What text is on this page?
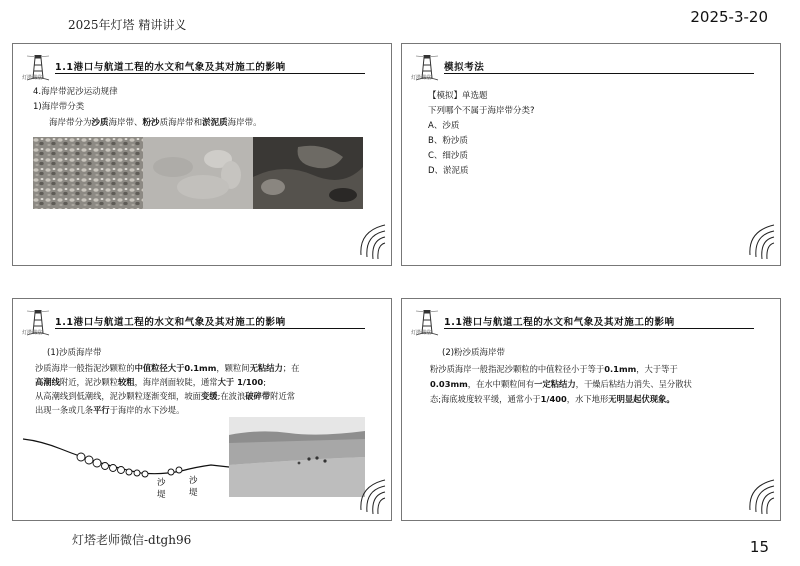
2025年灯塔 精讲讲义	2025-3-20
灯塔老师微信-dtgh96	15
灯塔课堂
1.1港口与航道工程的水文和气象及其对施工的影响
4.海岸带泥沙运动规律
1)海岸带分类
海岸带分为沙质海岸带、粉沙质海岸带和淤泥质海岸带。
灯塔课堂
模拟考法
【模拟】单选题
下列哪个不属于海岸带分类?
A、沙质
B、粉沙质
C、细沙质
D、淤泥质
灯塔课堂
1.1港口与航道工程的水文和气象及其对施工的影响
(1)沙质海岸带
沙质海岸一般指泥沙颗粒的中值粒径大于0.1mm，颗粒间无粘结力；在
高潮线附近，泥沙颗粒较粗，海岸剖面较陡，通常大于 1/100;
从高潮线到低潮线，泥沙颗粒逐渐变细，坡面变缓;在波浪破碎带附近常
出现一条或几条平行于海岸的水下沙堤。
沙
堤
沙
堤
灯塔课堂
1.1港口与航道工程的水文和气象及其对施工的影响
(2)粉沙质海岸带
粉沙质海岸一般指泥沙颗粒的中值粒径小于等于0.1mm，大于等于
0.03mm，在水中颗粒间有一定粘结力，干燥后粘结力消失、呈分散状
态;海底坡度较平缓，通常小于1/400，水下地形无明显起伏现象。
